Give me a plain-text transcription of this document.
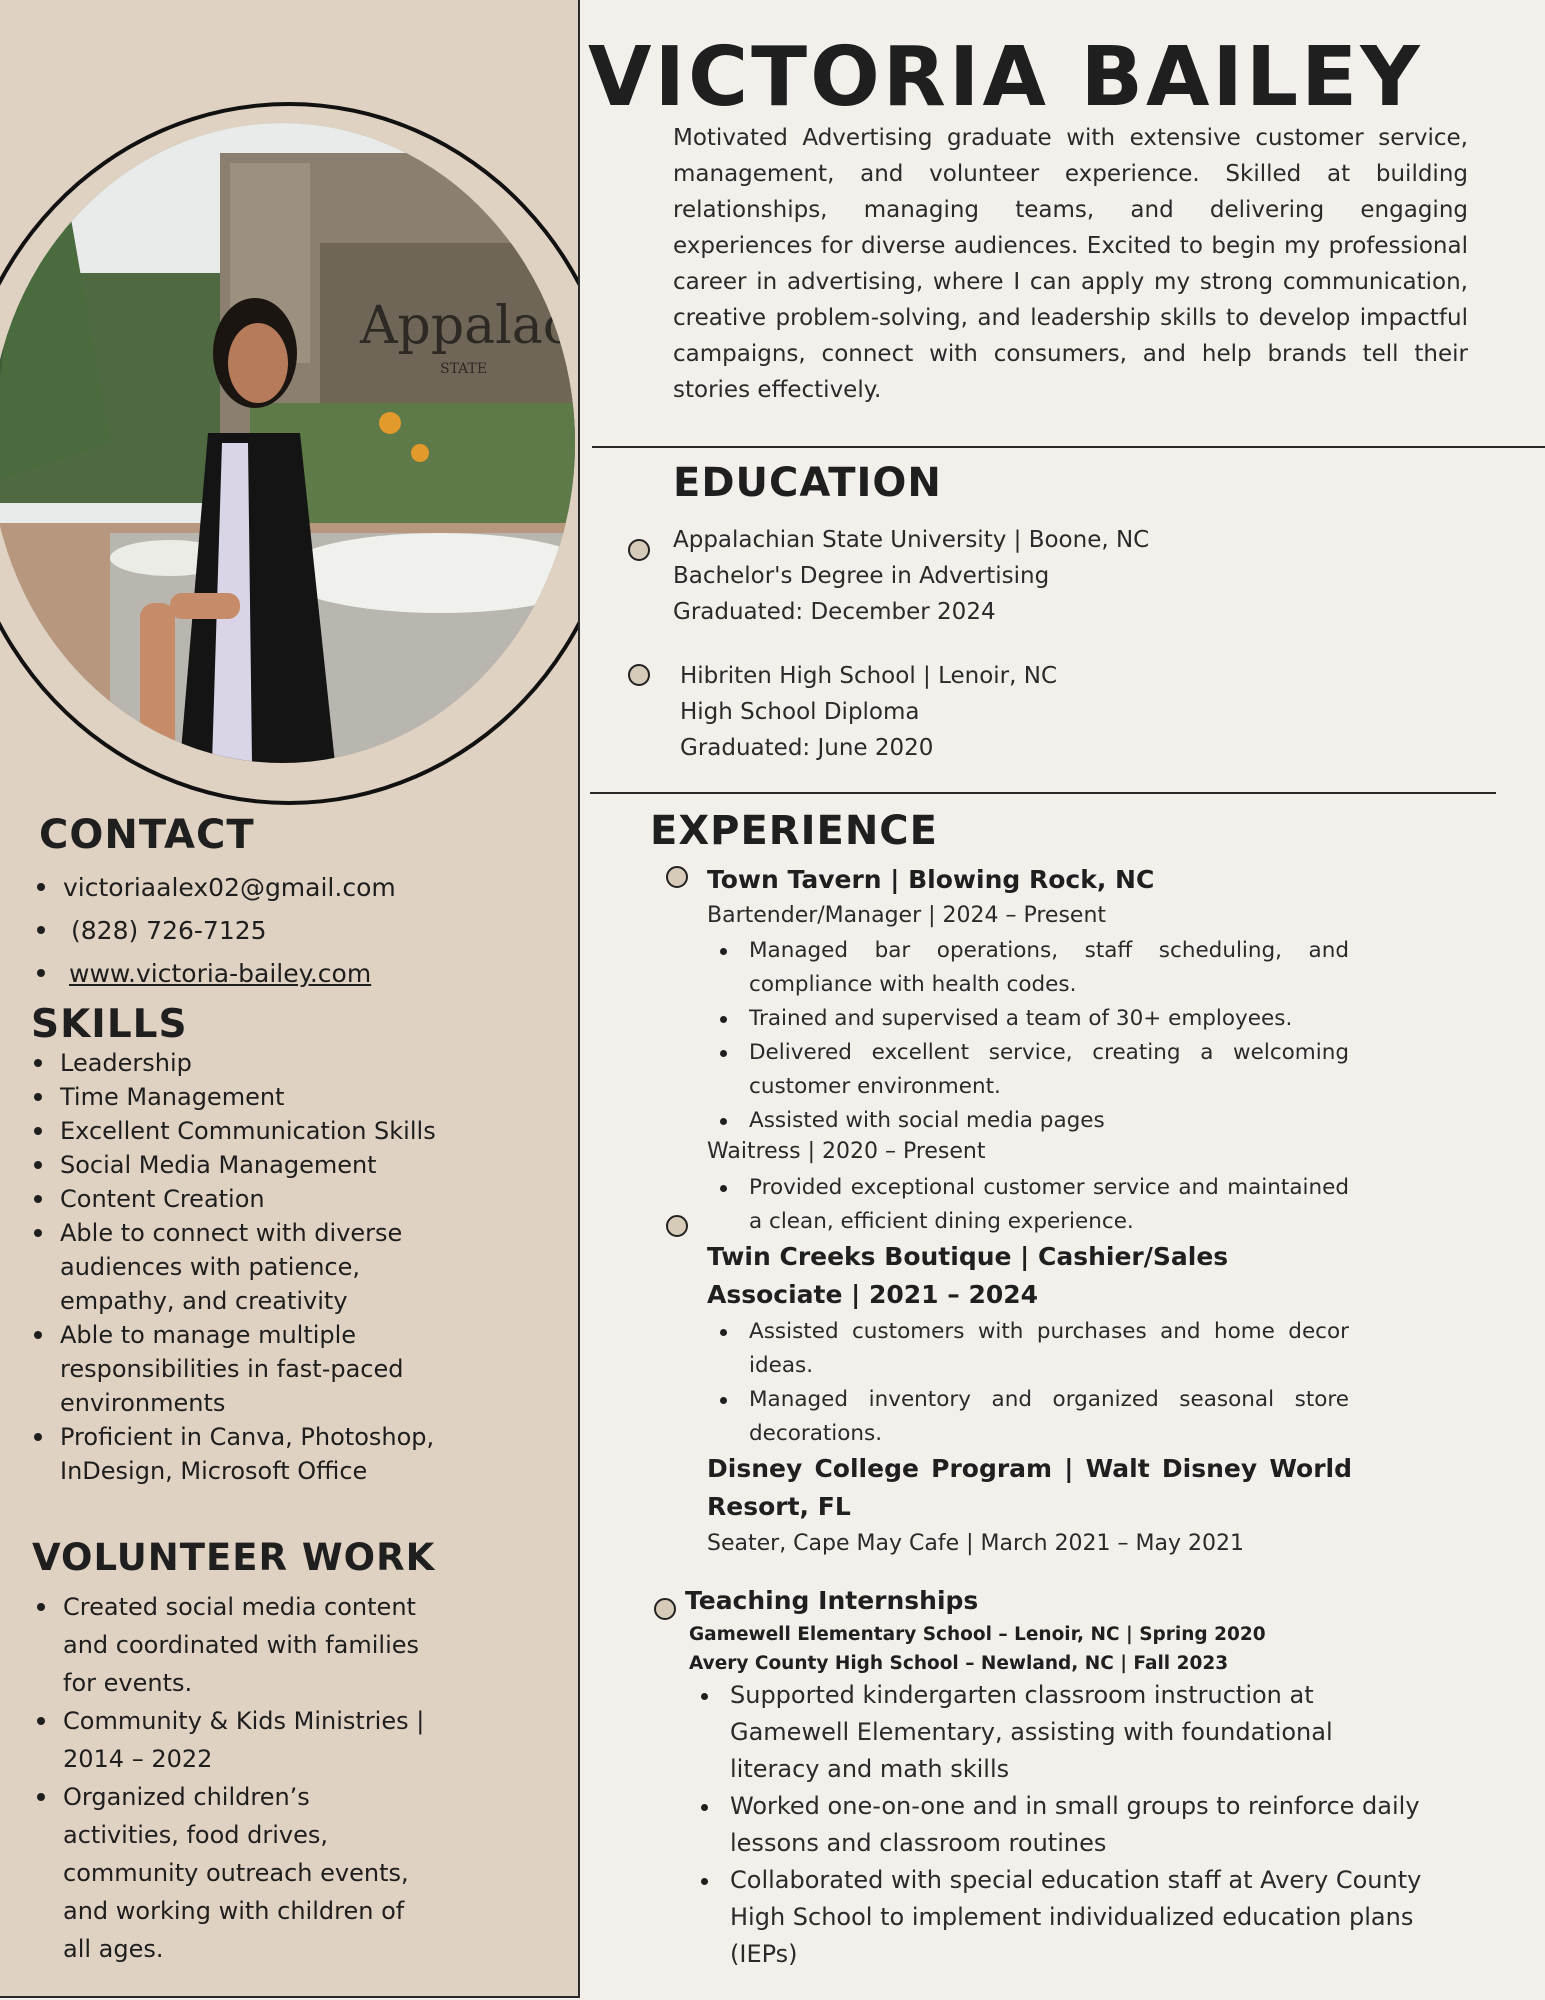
Appalac
STATE
CONTACT
victoriaalex02@gmail.com
(828) 726-7125
www.victoria-bailey.com
SKILLS
Leadership
Time Management
Excellent Communication Skills
Social Media Management
Content Creation
Able to connect with diverse audiences with patience, empathy, and creativity
Able to manage multiple responsibilities in fast-paced environments
Proficient in Canva, Photoshop, InDesign, Microsoft Office
VOLUNTEER WORK
Created social media content and coordinated with families for events.
Community & Kids Ministries | 2014 – 2022
Organized children’s activities, food drives, community outreach events, and working with children of all ages.
VICTORIA BAILEY

Motivated Advertising graduate with extensive customer service, management, and volunteer experience. Skilled at building relationships, managing teams, and delivering engaging experiences for diverse audiences. Excited to begin my professional career in advertising, where I can apply my strong communication, creative problem-solving, and leadership skills to develop impactful campaigns, connect with consumers, and help brands tell their stories effectively.

EDUCATION
Appalachian State University | Boone, NC
Bachelor's Degree in Advertising
Graduated: December 2024
Hibriten High School | Lenoir, NC
High School Diploma
Graduated: June 2020
EXPERIENCE
Town Tavern | Blowing Rock, NC

Bartender/Manager | 2024 – Present

Managed bar operations, staff scheduling, and compliance with health codes.
Trained and supervised a team of 30+ employees.
Delivered excellent service, creating a welcoming customer environment.
Assisted with social media pages

Waitress | 2020 – Present

Provided exceptional customer service and maintained a clean, efficient dining experience.
Twin Creeks Boutique | Cashier/Sales Associate | 2021 – 2024
Assisted customers with purchases and home decor ideas.
Managed inventory and organized seasonal store decorations.
Disney College Program | Walt Disney World Resort, FL

Seater, Cape May Cafe | March 2021 – May 2021

Teaching Internships

Gamewell Elementary School – Lenoir, NC | Spring 2020

Avery County High School – Newland, NC | Fall 2023

Supported kindergarten classroom instruction at Gamewell Elementary, assisting with foundational literacy and math skills
Worked one-on-one and in small groups to reinforce daily lessons and classroom routines
Collaborated with special education staff at Avery County High School to implement individualized education plans (IEPs)
